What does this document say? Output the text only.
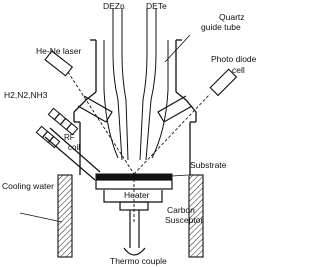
DEZn	DETe
Quartz
guide tube
He-Ne laser
Photo diode
cell
H2,N2,NH3
RF
coil
Substrate
Cooling water
Heater
Carbon
Susceptor
Thermo couple
